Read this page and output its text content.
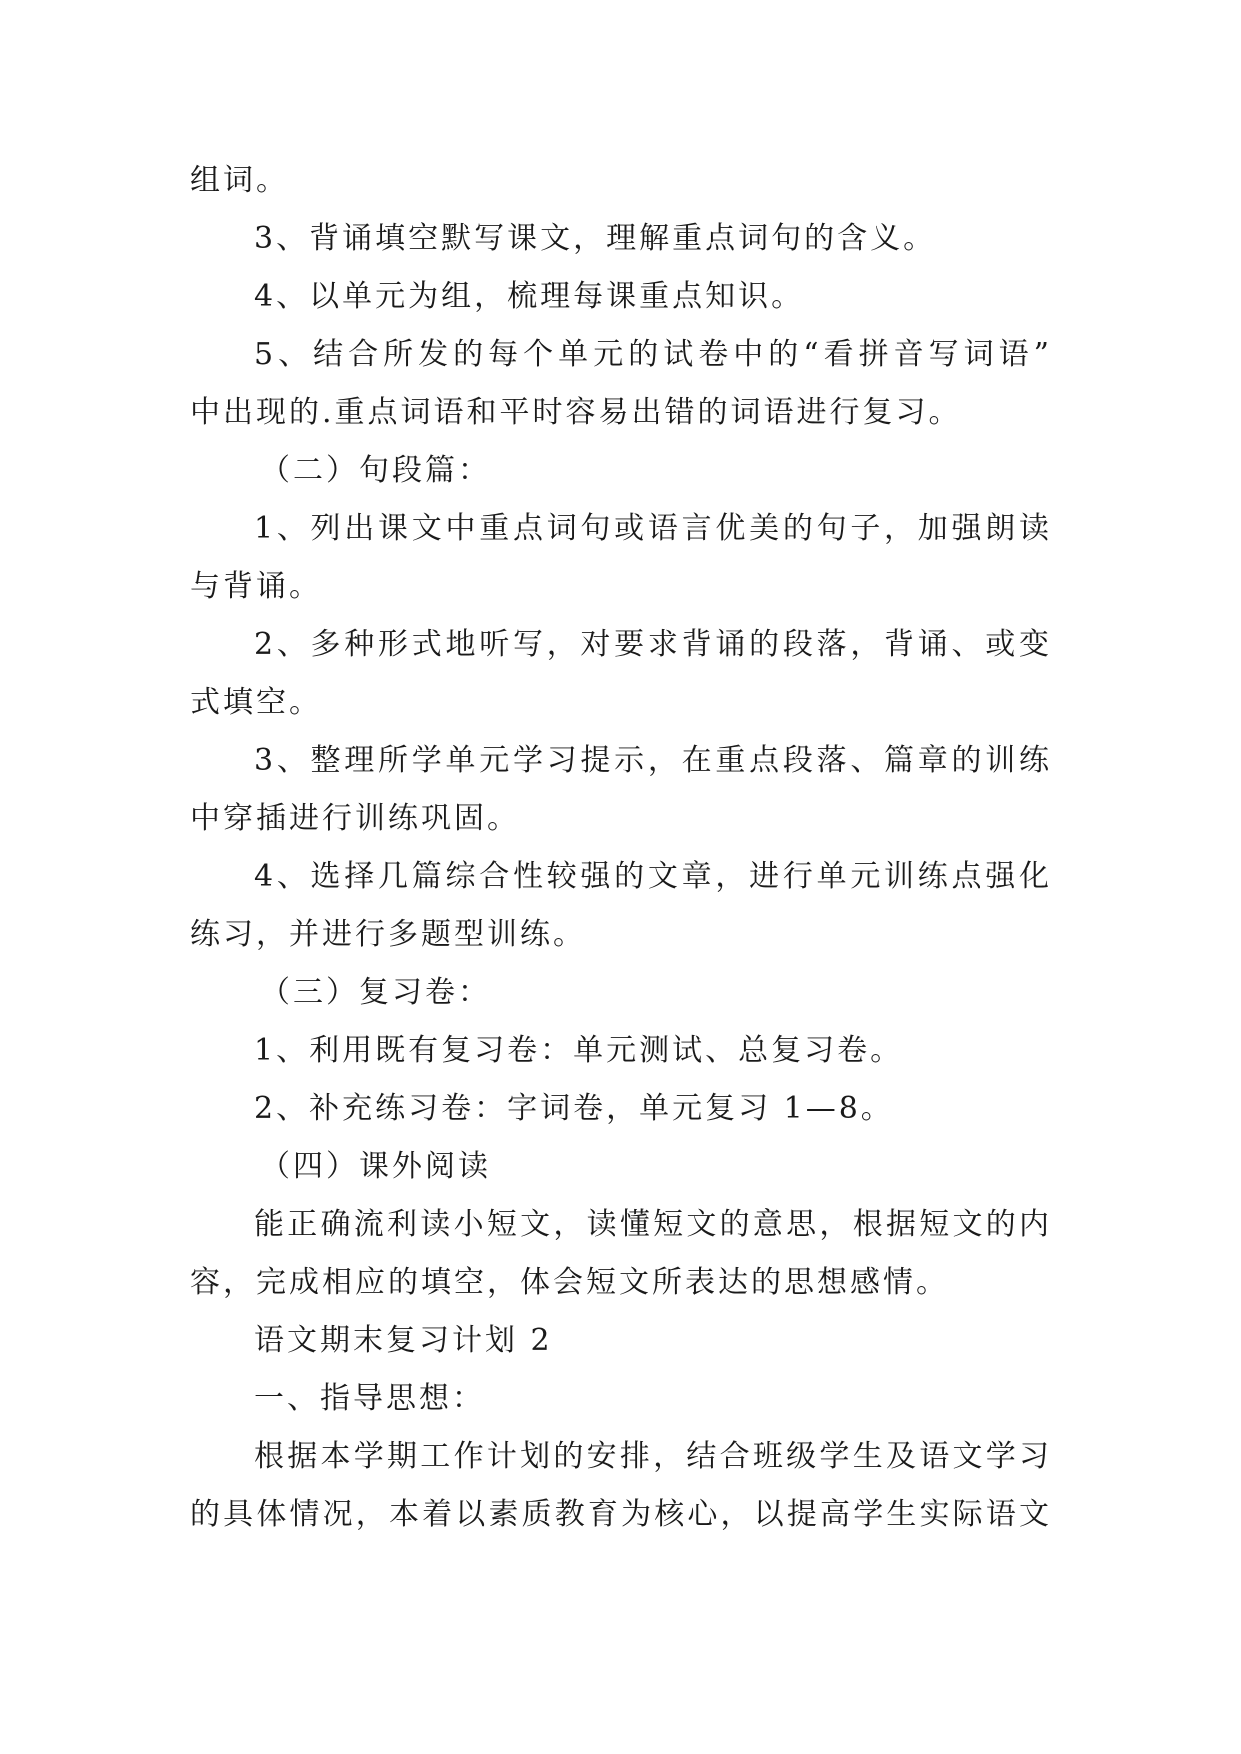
组词。
3、背诵填空默写课文，理解重点词句的含义。
4、以单元为组，梳理每课重点知识。
5、结合所发的每个单元的试卷中的“看拼音写词语”
中出现的.重点词语和平时容易出错的词语进行复习。
（二）句段篇：
1、列出课文中重点词句或语言优美的句子，加强朗读
与背诵。
2、多种形式地听写，对要求背诵的段落，背诵、或变
式填空。
3、整理所学单元学习提示，在重点段落、篇章的训练
中穿插进行训练巩固。
4、选择几篇综合性较强的文章，进行单元训练点强化
练习，并进行多题型训练。
（三）复习卷：
1、利用既有复习卷：单元测试、总复习卷。
2、补充练习卷：字词卷，单元复习 1—8。
（四）课外阅读
能正确流利读小短文，读懂短文的意思，根据短文的内
容，完成相应的填空，体会短文所表达的思想感情。
语文期末复习计划 2
一、指导思想：
根据本学期工作计划的安排，结合班级学生及语文学习
的具体情况，本着以素质教育为核心，以提高学生实际语文
